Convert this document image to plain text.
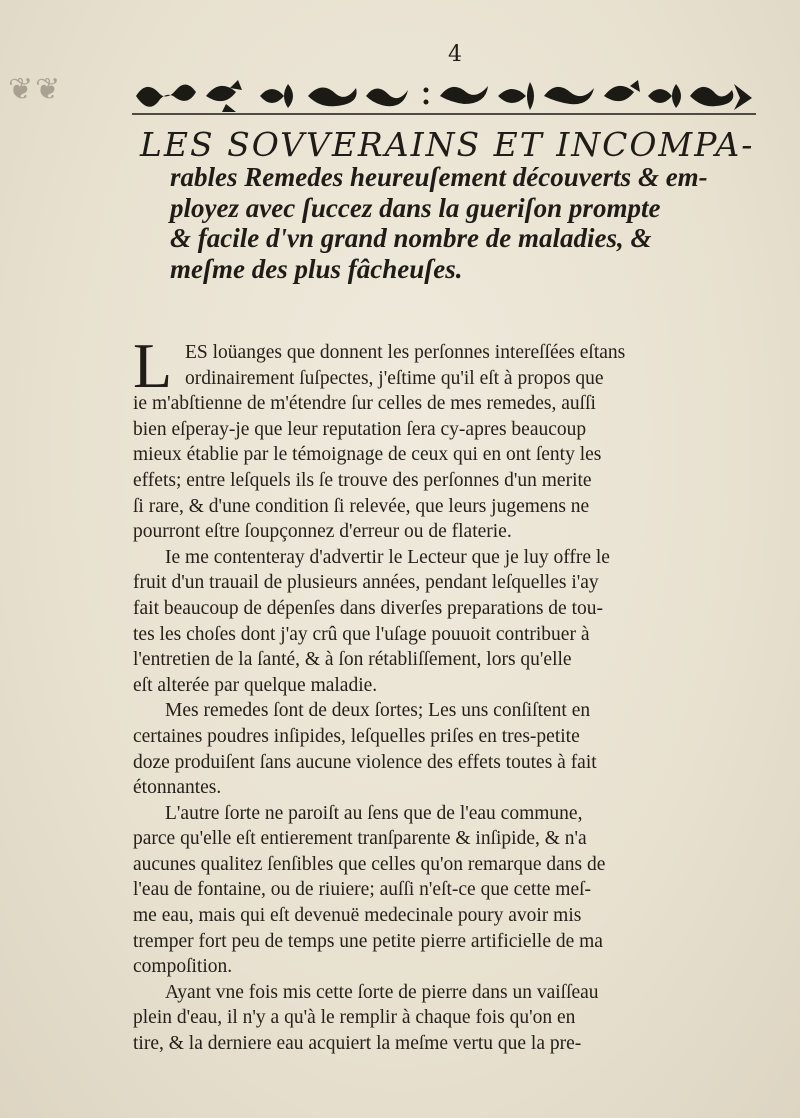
❦❦
4
LES SOVVERAINS ET INCOMPA-
rables Remedes heureuſement découverts & em-
ployez avec ſuccez dans la gueriſon prompte
& facile d'vn grand nombre de maladies, &
meſme des plus fâcheuſes.
L ES loüanges que donnent les perſonnes intereſſées eſtans
ordinairement ſuſpectes, j'eſtime qu'il eſt à propos que
ie m'abſtienne de m'étendre ſur celles de mes remedes, auſſi
bien eſperay-je que leur reputation ſera cy-apres beaucoup
mieux établie par le témoignage de ceux qui en ont ſenty les
effets; entre leſquels ils ſe trouve des perſonnes d'un merite
ſi rare, & d'une condition ſi relevée, que leurs jugemens ne
pourront eſtre ſoupçonnez d'erreur ou de flaterie.
Ie me contenteray d'advertir le Lecteur que je luy offre le
fruit d'un trauail de plusieurs années, pendant leſquelles i'ay
fait beaucoup de dépenſes dans diverſes preparations de tou-
tes les choſes dont j'ay crû que l'uſage pouuoit contribuer à
l'entretien de la ſanté, & à ſon rétabliſſement, lors qu'elle
eſt alterée par quelque maladie.
Mes remedes ſont de deux ſortes; Les uns conſiſtent en
certaines poudres inſipides, leſquelles priſes en tres-petite
doze produiſent ſans aucune violence des effets toutes à fait
étonnantes.
L'autre ſorte ne paroiſt au ſens que de l'eau commune,
parce qu'elle eſt entierement tranſparente & inſipide, & n'a
aucunes qualitez ſenſibles que celles qu'on remarque dans de
l'eau de fontaine, ou de riuiere; auſſi n'eſt-ce que cette meſ-
me eau, mais qui eſt devenuë medecinale poury avoir mis
tremper fort peu de temps une petite pierre artificielle de ma
compoſition.
Ayant vne fois mis cette ſorte de pierre dans un vaiſſeau
plein d'eau, il n'y a qu'à le remplir à chaque fois qu'on en
tire, & la derniere eau acquiert la meſme vertu que la pre-
